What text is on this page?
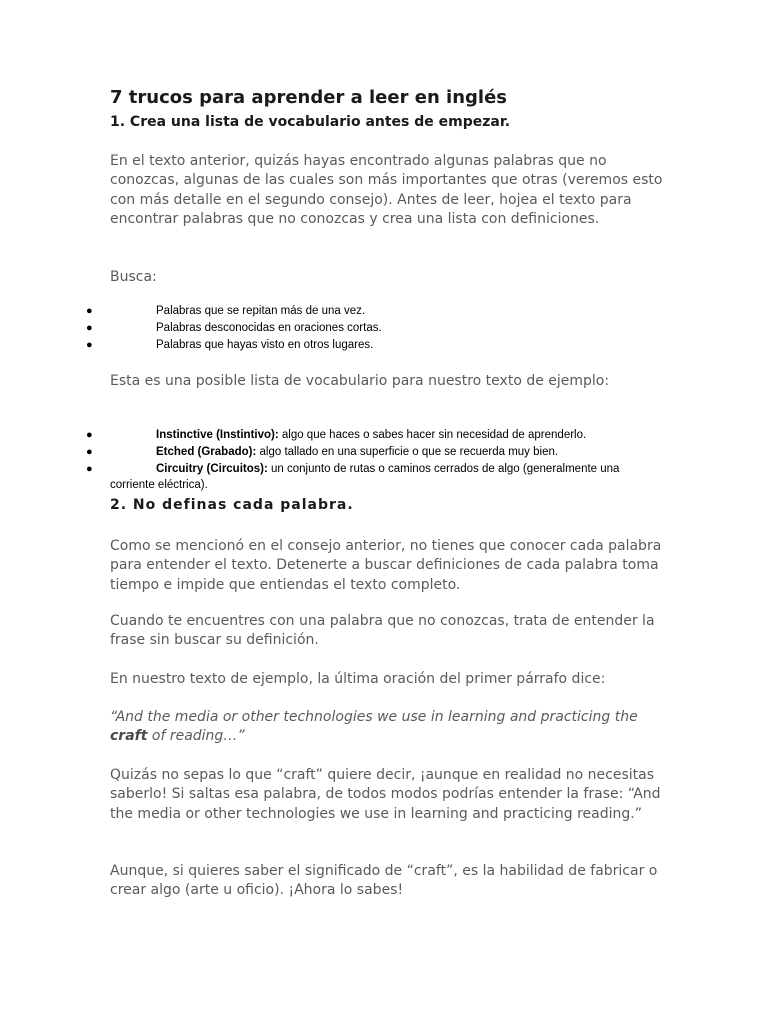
7 trucos para aprender a leer en inglés
1. Crea una lista de vocabulario antes de empezar.

En el texto anterior, quizás hayas encontrado algunas palabras que no conozcas, algunas de las cuales son más importantes que otras (veremos esto con más detalle en el segundo consejo). Antes de leer, hojea el texto para encontrar palabras que no conozcas y crea una lista con definiciones.

Busca:

●	Palabras que se repitan más de una vez.
●	Palabras desconocidas en oraciones cortas.
●	Palabras que hayas visto en otros lugares.

Esta es una posible lista de vocabulario para nuestro texto de ejemplo:

●	Instinctive (Instintivo): algo que haces o sabes hacer sin necesidad de aprenderlo.
●	Etched (Grabado): algo tallado en una superficie o que se recuerda muy bien.
●	Circuitry (Circuitos): un conjunto de rutas o caminos cerrados de algo (generalmente una corriente eléctrica).
2. No definas cada palabra.

Como se mencionó en el consejo anterior, no tienes que conocer cada palabra para entender el texto. Detenerte a buscar definiciones de cada palabra toma tiempo e impide que entiendas el texto completo.

Cuando te encuentres con una palabra que no conozcas, trata de entender la frase sin buscar su definición.

En nuestro texto de ejemplo, la última oración del primer párrafo dice:

“And the media or other technologies we use in learning and practicing the craft of reading…”

Quizás no sepas lo que “craft” quiere decir, ¡aunque en realidad no necesitas saberlo! Si saltas esa palabra, de todos modos podrías entender la frase: “And the media or other technologies we use in learning and practicing reading.”

Aunque, si quieres saber el significado de “craft”, es la habilidad de fabricar o crear algo (arte u oficio). ¡Ahora lo sabes!
